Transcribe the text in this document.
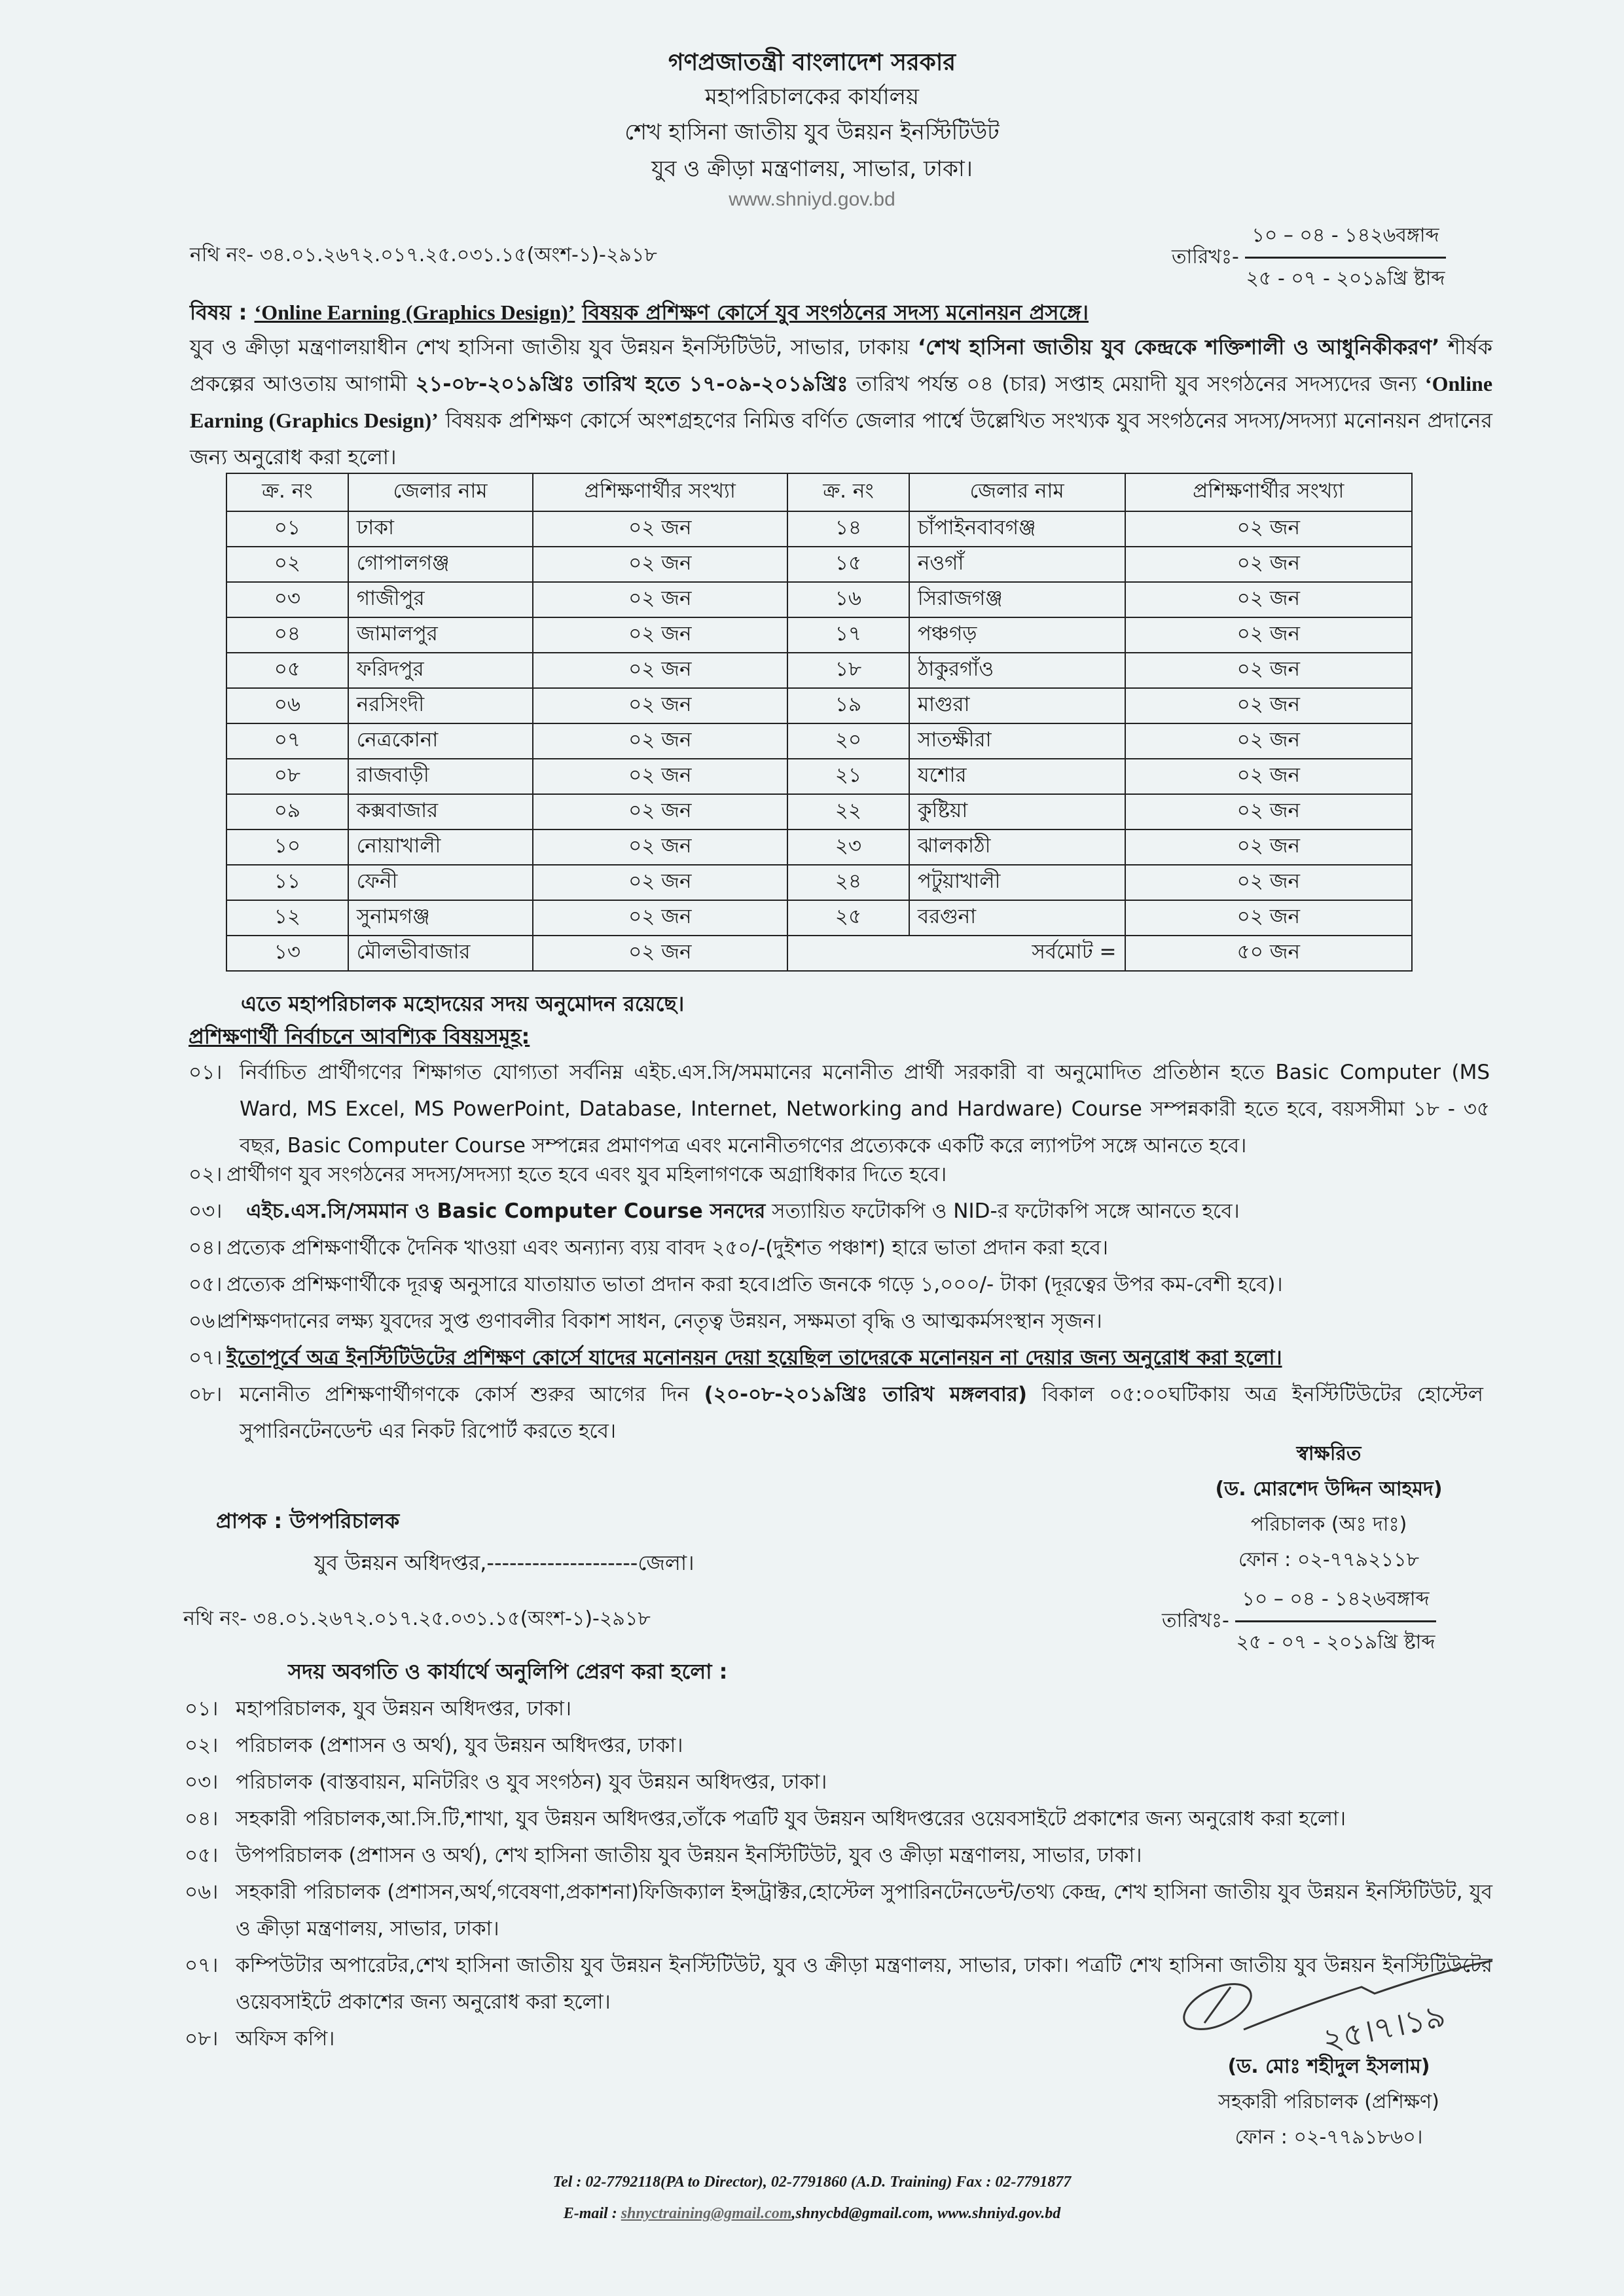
গণপ্রজাতন্ত্রী বাংলাদেশ সরকার
মহাপরিচালকের কার্যালয়
শেখ হাসিনা জাতীয় যুব উন্নয়ন ইনস্টিটিউট
যুব ও ক্রীড়া মন্ত্রণালয়, সাভার, ঢাকা।
www.shniyd.gov.bd
নথি নং- ৩৪.০১.২৬৭২.০১৭.২৫.০৩১.১৫(অংশ-১)-২৯১৮	তারিখঃ-
১০ – ০৪ - ১৪২৬বঙ্গাব্দ
২৫ - ০৭ - ২০১৯খ্রি ষ্টাব্দ
বিষয় : ‘Online Earning (Graphics Design)’ বিষয়ক প্রশিক্ষণ কোর্সে যুব সংগঠনের সদস্য মনোনয়ন প্রসঙ্গে।
যুব ও ক্রীড়া মন্ত্রণালয়াধীন শেখ হাসিনা জাতীয় যুব উন্নয়ন ইনস্টিটিউট, সাভার, ঢাকায় ‘শেখ হাসিনা জাতীয় যুব কেন্দ্রকে শক্তিশালী ও আধুনিকীকরণ’ শীর্ষক প্রকল্পের আওতায় আগামী ২১-০৮-২০১৯খ্রিঃ তারিখ হতে ১৭-০৯-২০১৯খ্রিঃ তারিখ পর্যন্ত ০৪ (চার) সপ্তাহ মেয়াদী যুব সংগঠনের সদস্যদের জন্য ‘Online Earning (Graphics Design)’ বিষয়ক প্রশিক্ষণ কোর্সে অংশগ্রহণের নিমিত্ত বর্ণিত জেলার পার্শ্বে উল্লেখিত সংখ্যক যুব সংগঠনের সদস্য/সদস্যা মনোনয়ন প্রদানের জন্য অনুরোধ করা হলো।
ক্র. নং	জেলার নাম	প্রশিক্ষণার্থীর সংখ্যা	ক্র. নং	জেলার নাম	প্রশিক্ষণার্থীর সংখ্যা
০১	ঢাকা	০২ জন	১৪	চাঁপাইনবাবগঞ্জ	০২ জন
০২	গোপালগঞ্জ	০২ জন	১৫	নওগাঁ	০২ জন
০৩	গাজীপুর	০২ জন	১৬	সিরাজগঞ্জ	০২ জন
০৪	জামালপুর	০২ জন	১৭	পঞ্চগড়	০২ জন
০৫	ফরিদপুর	০২ জন	১৮	ঠাকুরগাঁও	০২ জন
০৬	নরসিংদী	০২ জন	১৯	মাগুরা	০২ জন
০৭	নেত্রকোনা	০২ জন	২০	সাতক্ষীরা	০২ জন
০৮	রাজবাড়ী	০২ জন	২১	যশোর	০২ জন
০৯	কক্সবাজার	০২ জন	২২	কুষ্টিয়া	০২ জন
১০	নোয়াখালী	০২ জন	২৩	ঝালকাঠী	০২ জন
১১	ফেনী	০২ জন	২৪	পটুয়াখালী	০২ জন
১২	সুনামগঞ্জ	০২ জন	২৫	বরগুনা	০২ জন
১৩	মৌলভীবাজার	০২ জন	সর্বমোট =		৫০ জন
এতে মহাপরিচালক মহোদয়ের সদয় অনুমোদন রয়েছে।
প্রশিক্ষণার্থী নির্বাচনে আবশ্যিক বিষয়সমূহ:
০১। নির্বাচিত প্রার্থীগণের শিক্ষাগত যোগ্যতা সর্বনিম্ন এইচ.এস.সি/সমমানের মনোনীত প্রার্থী সরকারী বা অনুমোদিত প্রতিষ্ঠান হতে Basic Computer (MS Ward, MS Excel, MS PowerPoint, Database, Internet, Networking and Hardware) Course সম্পন্নকারী হতে হবে, বয়সসীমা ১৮ - ৩৫ বছর, Basic Computer Course সম্পন্নের প্রমাণপত্র এবং মনোনীতগণের প্রত্যেককে একটি করে ল্যাপটপ সঙ্গে আনতে হবে।
০২। প্রার্থীগণ যুব সংগঠনের সদস্য/সদস্যা হতে হবে এবং যুব মহিলাগণকে অগ্রাধিকার দিতে হবে।
০৩। এইচ.এস.সি/সমমান ও Basic Computer Course সনদের সত্যায়িত ফটোকপি ও NID-র ফটোকপি সঙ্গে আনতে হবে।
০৪। প্রত্যেক প্রশিক্ষণার্থীকে দৈনিক খাওয়া এবং অন্যান্য ব্যয় বাবদ ২৫০/-(দুইশত পঞ্চাশ) হারে ভাতা প্রদান করা হবে।
০৫। প্রত্যেক প্রশিক্ষণার্থীকে দূরত্ব অনুসারে যাতায়াত ভাতা প্রদান করা হবে।প্রতি জনকে গড়ে ১,০০০/- টাকা (দূরত্বের উপর কম-বেশী হবে)।
০৬।প্রশিক্ষণদানের লক্ষ্য যুবদের সুপ্ত গুণাবলীর বিকাশ সাধন, নেতৃত্ব উন্নয়ন, সক্ষমতা বৃদ্ধি ও আত্মকর্মসংস্থান সৃজন।
০৭। ইতোপূর্বে অত্র ইনস্টিটিউটের প্রশিক্ষণ কোর্সে যাদের মনোনয়ন দেয়া হয়েছিল তাদেরকে মনোনয়ন না দেয়ার জন্য অনুরোধ করা হলো।
০৮। মনোনীত প্রশিক্ষণার্থীগণকে কোর্স শুরুর আগের দিন (২০-০৮-২০১৯খ্রিঃ তারিখ মঙ্গলবার) বিকাল ০৫:০০ঘটিকায় অত্র ইনস্টিটিউটের হোস্টেল সুপারিনটেনডেন্ট এর নিকট রিপোর্ট করতে হবে।
স্বাক্ষরিত
(ড. মোরশেদ উদ্দিন আহমদ)
পরিচালক (অঃ দাঃ)
ফোন : ০২-৭৭৯২১১৮
প্রাপক : উপপরিচালক
যুব উন্নয়ন অধিদপ্তর,--------------------জেলা।
নথি নং- ৩৪.০১.২৬৭২.০১৭.২৫.০৩১.১৫(অংশ-১)-২৯১৮	তারিখঃ-
১০ – ০৪ - ১৪২৬বঙ্গাব্দ
২৫ - ০৭ - ২০১৯খ্রি ষ্টাব্দ
সদয় অবগতি ও কার্যার্থে অনুলিপি প্রেরণ করা হলো :
০১। মহাপরিচালক, যুব উন্নয়ন অধিদপ্তর, ঢাকা।
০২। পরিচালক (প্রশাসন ও অর্থ), যুব উন্নয়ন অধিদপ্তর, ঢাকা।
০৩। পরিচালক (বাস্তবায়ন, মনিটরিং ও যুব সংগঠন) যুব উন্নয়ন অধিদপ্তর, ঢাকা।
০৪। সহকারী পরিচালক,আ.সি.টি,শাখা, যুব উন্নয়ন অধিদপ্তর,তাঁকে পত্রটি যুব উন্নয়ন অধিদপ্তরের ওয়েবসাইটে প্রকাশের জন্য অনুরোধ করা হলো।
০৫। উপপরিচালক (প্রশাসন ও অর্থ), শেখ হাসিনা জাতীয় যুব উন্নয়ন ইনস্টিটিউট, যুব ও ক্রীড়া মন্ত্রণালয়, সাভার, ঢাকা।
০৬। সহকারী পরিচালক (প্রশাসন,অর্থ,গবেষণা,প্রকাশনা)ফিজিক্যাল ইন্সট্রাক্টর,হোস্টেল সুপারিনটেনডেন্ট/তথ্য কেন্দ্র, শেখ হাসিনা জাতীয় যুব উন্নয়ন ইনস্টিটিউট, যুব ও ক্রীড়া মন্ত্রণালয়, সাভার, ঢাকা।
০৭। কম্পিউটার অপারেটর,শেখ হাসিনা জাতীয় যুব উন্নয়ন ইনস্টিটিউট, যুব ও ক্রীড়া মন্ত্রণালয়, সাভার, ঢাকা। পত্রটি শেখ হাসিনা জাতীয় যুব উন্নয়ন ইনস্টিটিউটের ওয়েবসাইটে প্রকাশের জন্য অনুরোধ করা হলো।
০৮। অফিস কপি।	২৫।৭।১৯
(ড. মোঃ শহীদুল ইসলাম)
সহকারী পরিচালক (প্রশিক্ষণ)
ফোন : ০২-৭৭৯১৮৬০।
Tel : 02-7792118(PA to Director), 02-7791860 (A.D. Training) Fax : 02-7791877
E-mail : shnyctraining@gmail.com,shnycbd@gmail.com, www.shniyd.gov.bd
